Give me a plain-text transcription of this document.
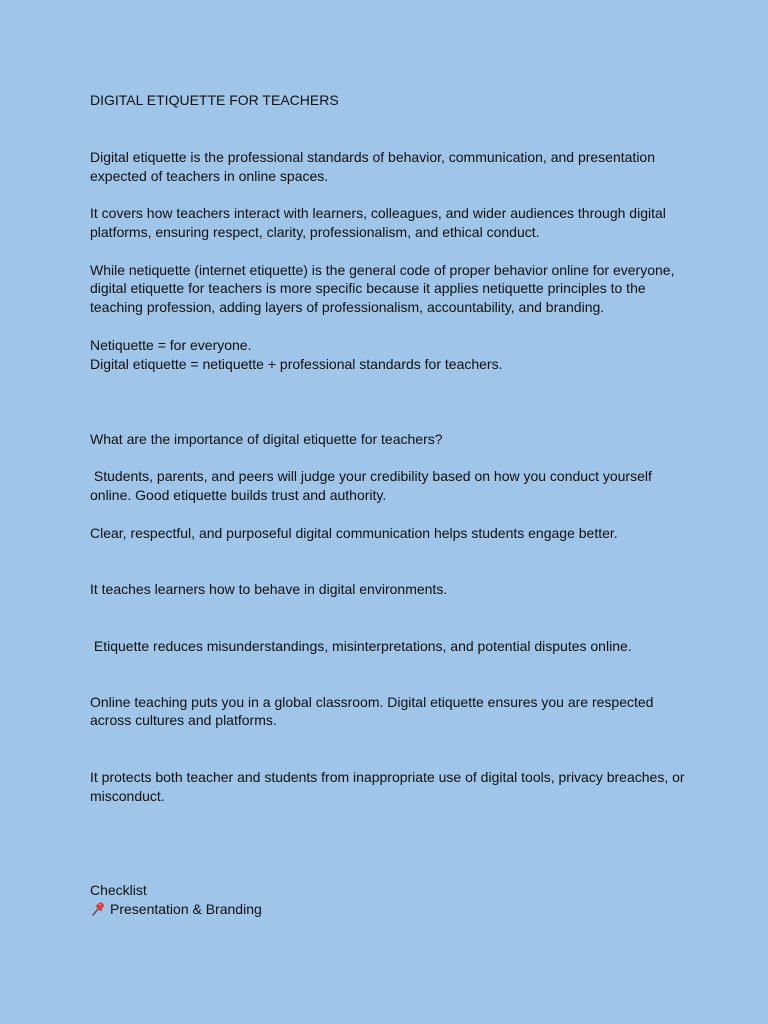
DIGITAL ETIQUETTE FOR TEACHERS

Digital etiquette is the professional standards of behavior, communication, and presentation

expected of teachers in online spaces.

It covers how teachers interact with learners, colleagues, and wider audiences through digital

platforms, ensuring respect, clarity, professionalism, and ethical conduct.

While netiquette (internet etiquette) is the general code of proper behavior online for everyone,

digital etiquette for teachers is more specific because it applies netiquette principles to the

teaching profession, adding layers of professionalism, accountability, and branding.

Netiquette = for everyone.

Digital etiquette = netiquette + professional standards for teachers.

What are the importance of digital etiquette for teachers?

Students, parents, and peers will judge your credibility based on how you conduct yourself

online. Good etiquette builds trust and authority.

Clear, respectful, and purposeful digital communication helps students engage better.

It teaches learners how to behave in digital environments.

Etiquette reduces misunderstandings, misinterpretations, and potential disputes online.

Online teaching puts you in a global classroom. Digital etiquette ensures you are respected

across cultures and platforms.

It protects both teacher and students from inappropriate use of digital tools, privacy breaches, or

misconduct.

Checklist

Presentation & Branding
